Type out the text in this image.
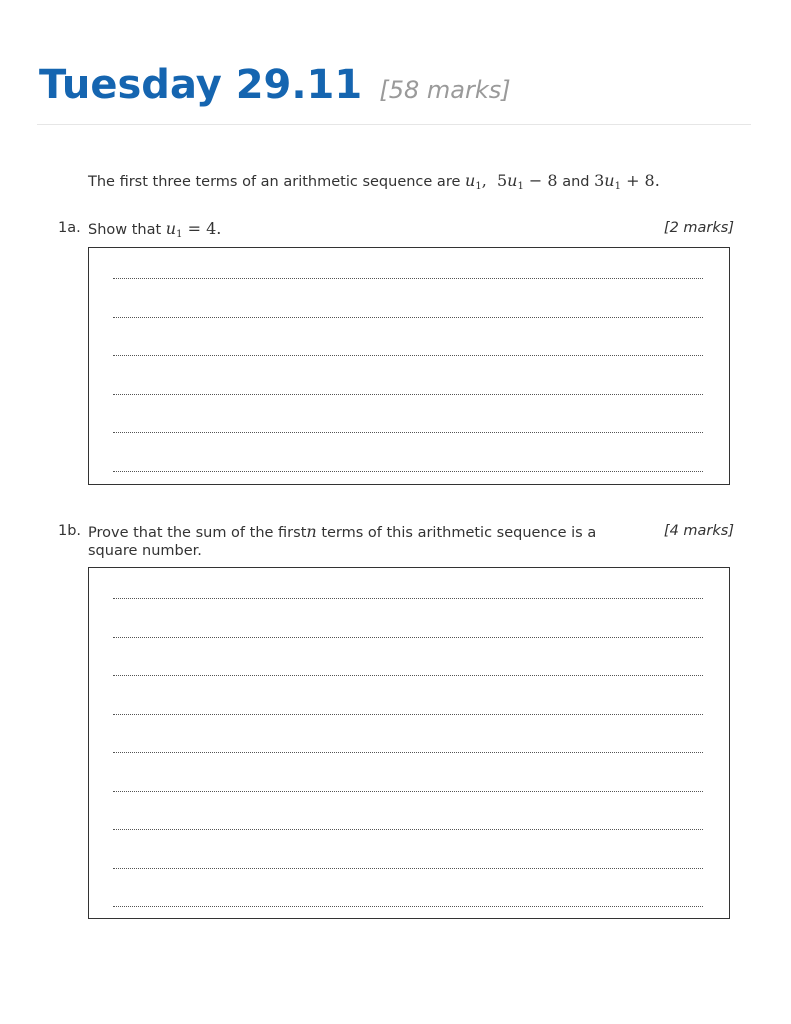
Tuesday 29.11 [58 marks]
The first three terms of an arithmetic sequence are $u_1$, $5u_1 - 8$ and $3u_1 + 8$.
1a. Show that $u_1 = 4$.	[2 marks]
1b. Prove that the sum of the firstn terms of this arithmetic sequence is a
square number.
[4 marks]
